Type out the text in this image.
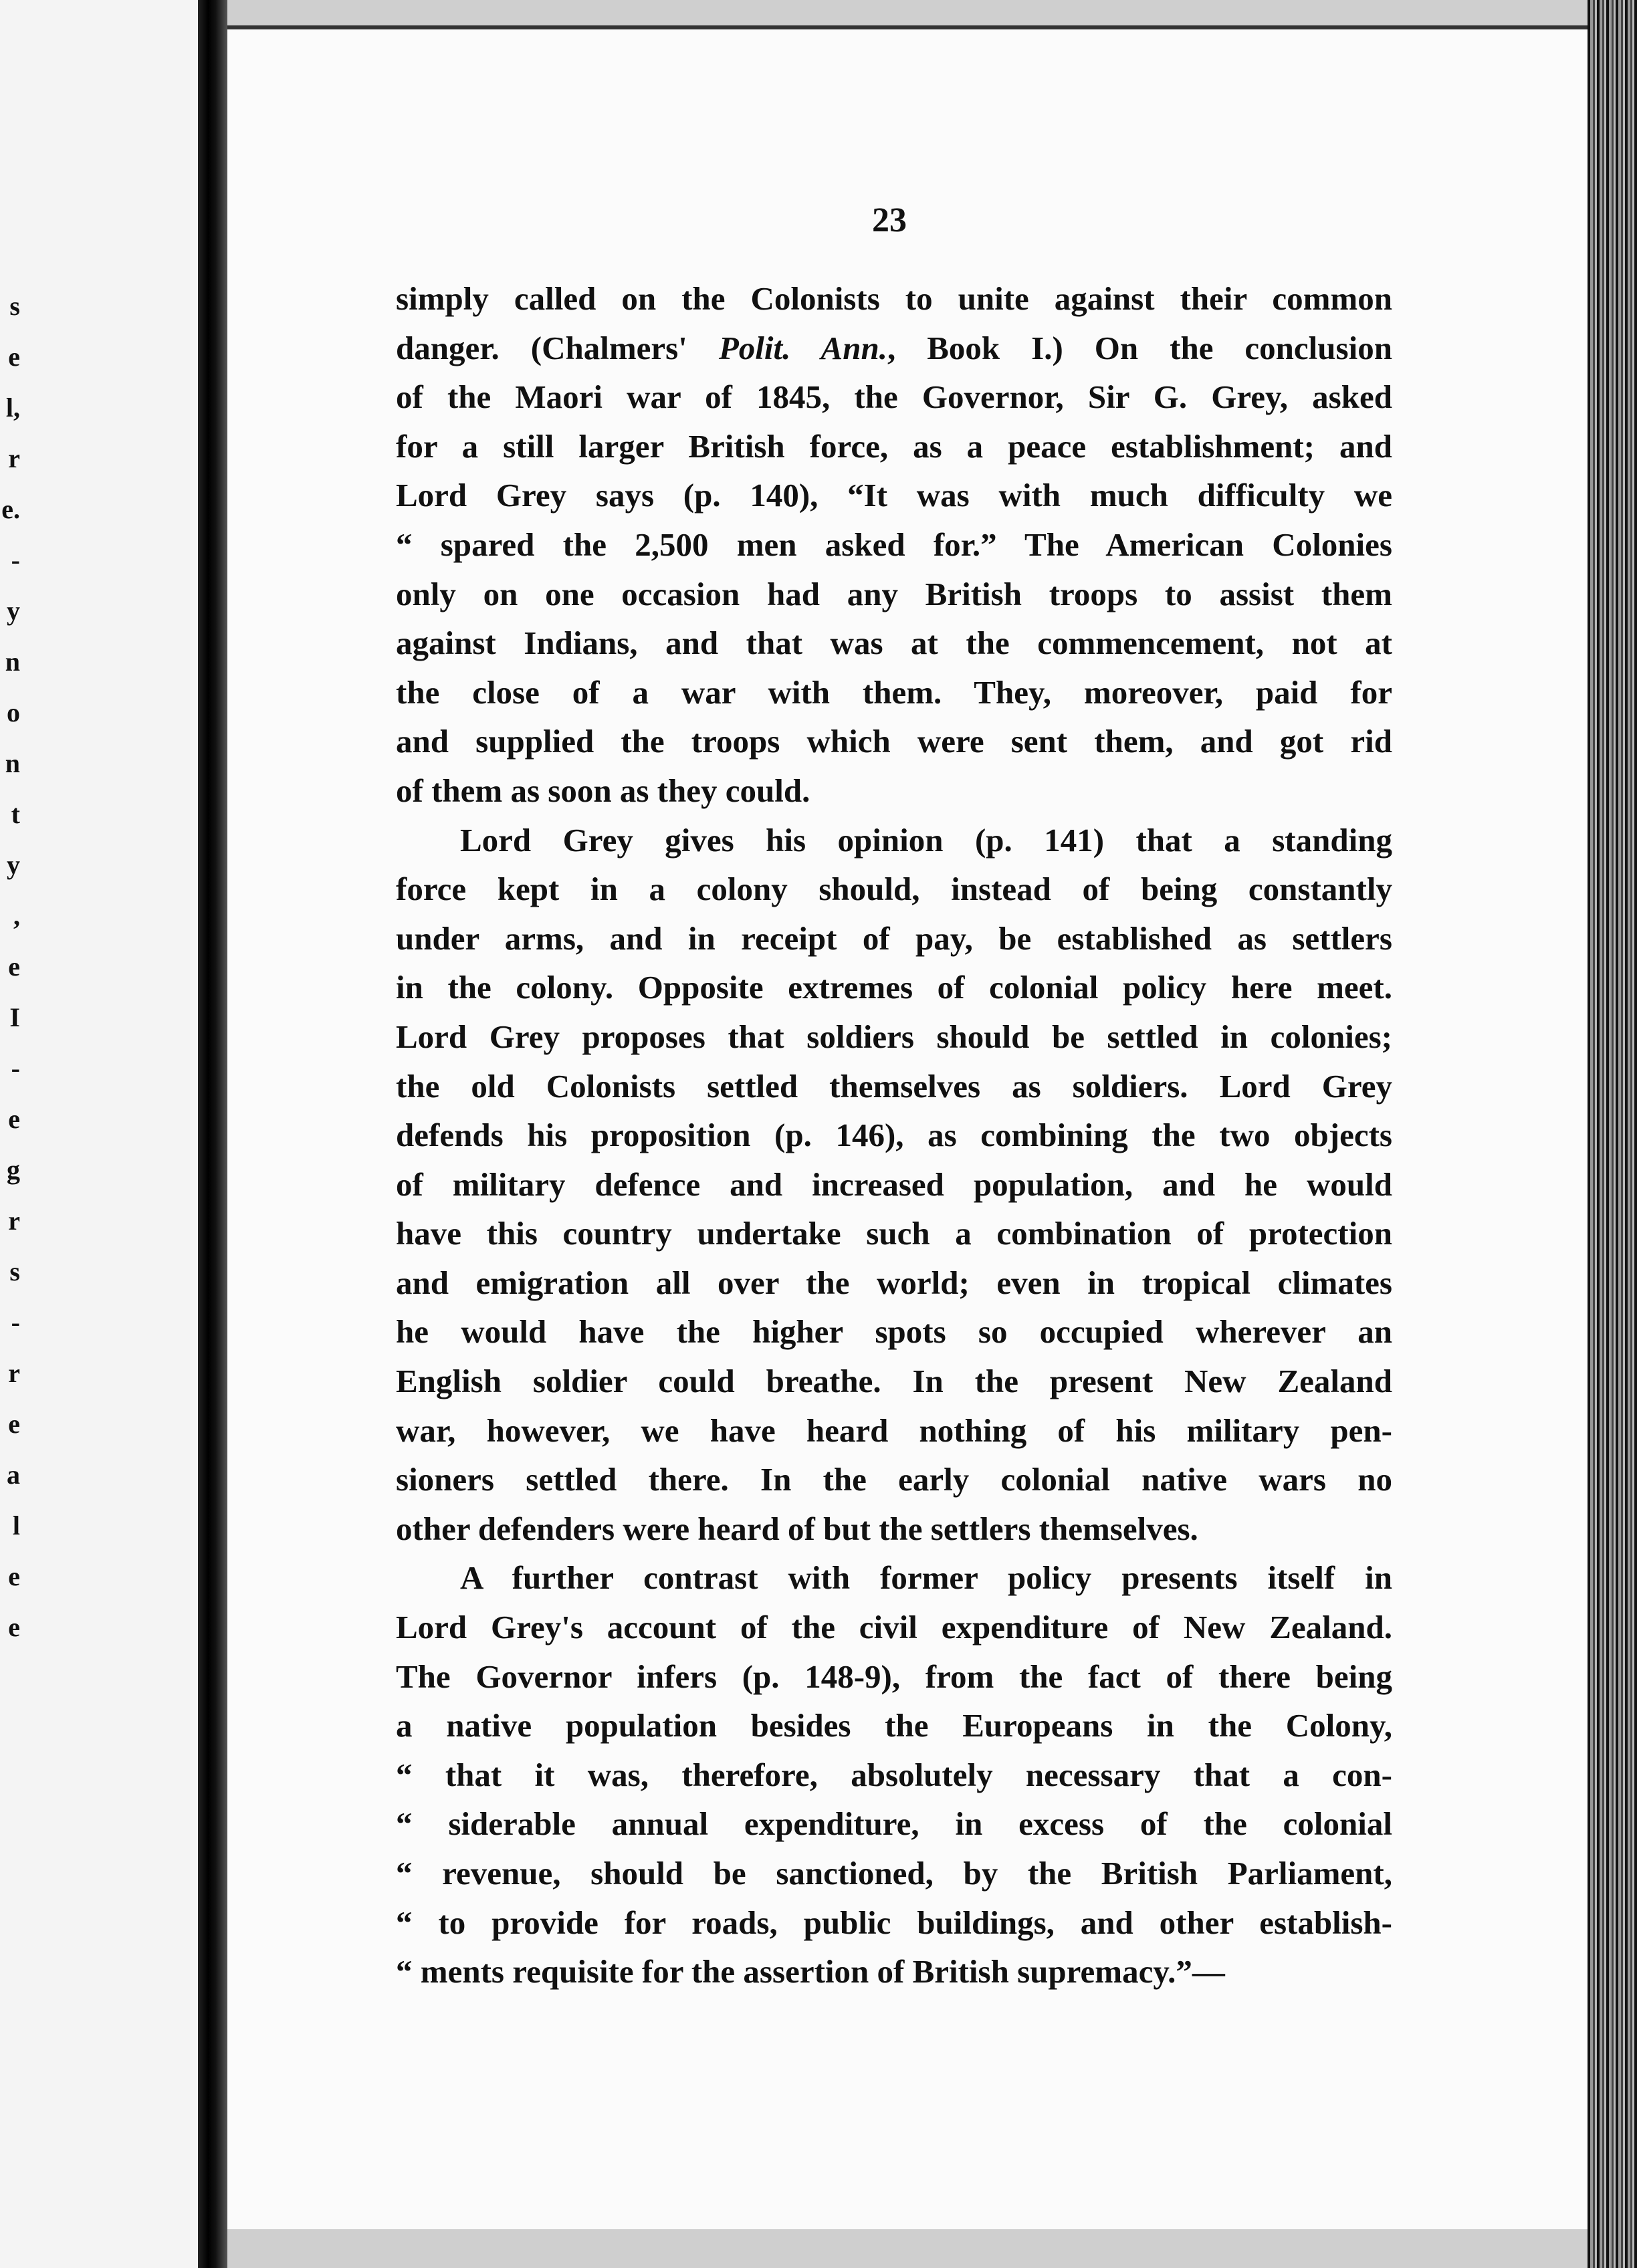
s
e
l,
r
e.
-
y
n
o
n
t
y
,
e
I
-
e
g
r
s
-
r
e
a
l
e
e
23
simply called on the Colonists to unite against their common
danger. (Chalmers' Polit. Ann., Book I.) On the conclusion
of the Maori war of 1845, the Governor, Sir G. Grey, asked
for a still larger British force, as a peace establishment; and
Lord Grey says (p. 140), “It was with much difficulty we
“ spared the 2,500 men asked for.” The American Colonies
only on one occasion had any British troops to assist them
against Indians, and that was at the commencement, not at
the close of a war with them. They, moreover, paid for
and supplied the troops which were sent them, and got rid
of them as soon as they could.
Lord Grey gives his opinion (p. 141) that a standing
force kept in a colony should, instead of being constantly
under arms, and in receipt of pay, be established as settlers
in the colony. Opposite extremes of colonial policy here meet.
Lord Grey proposes that soldiers should be settled in colonies;
the old Colonists settled themselves as soldiers. Lord Grey
defends his proposition (p. 146), as combining the two objects
of military defence and increased population, and he would
have this country undertake such a combination of protection
and emigration all over the world; even in tropical climates
he would have the higher spots so occupied wherever an
English soldier could breathe. In the present New Zealand
war, however, we have heard nothing of his military pen-
sioners settled there. In the early colonial native wars no
other defenders were heard of but the settlers themselves.
A further contrast with former policy presents itself in
Lord Grey's account of the civil expenditure of New Zealand.
The Governor infers (p. 148-9), from the fact of there being
a native population besides the Europeans in the Colony,
“ that it was, therefore, absolutely necessary that a con-
“ siderable annual expenditure, in excess of the colonial
“ revenue, should be sanctioned, by the British Parliament,
“ to provide for roads, public buildings, and other establish-
“ ments requisite for the assertion of British supremacy.”—
